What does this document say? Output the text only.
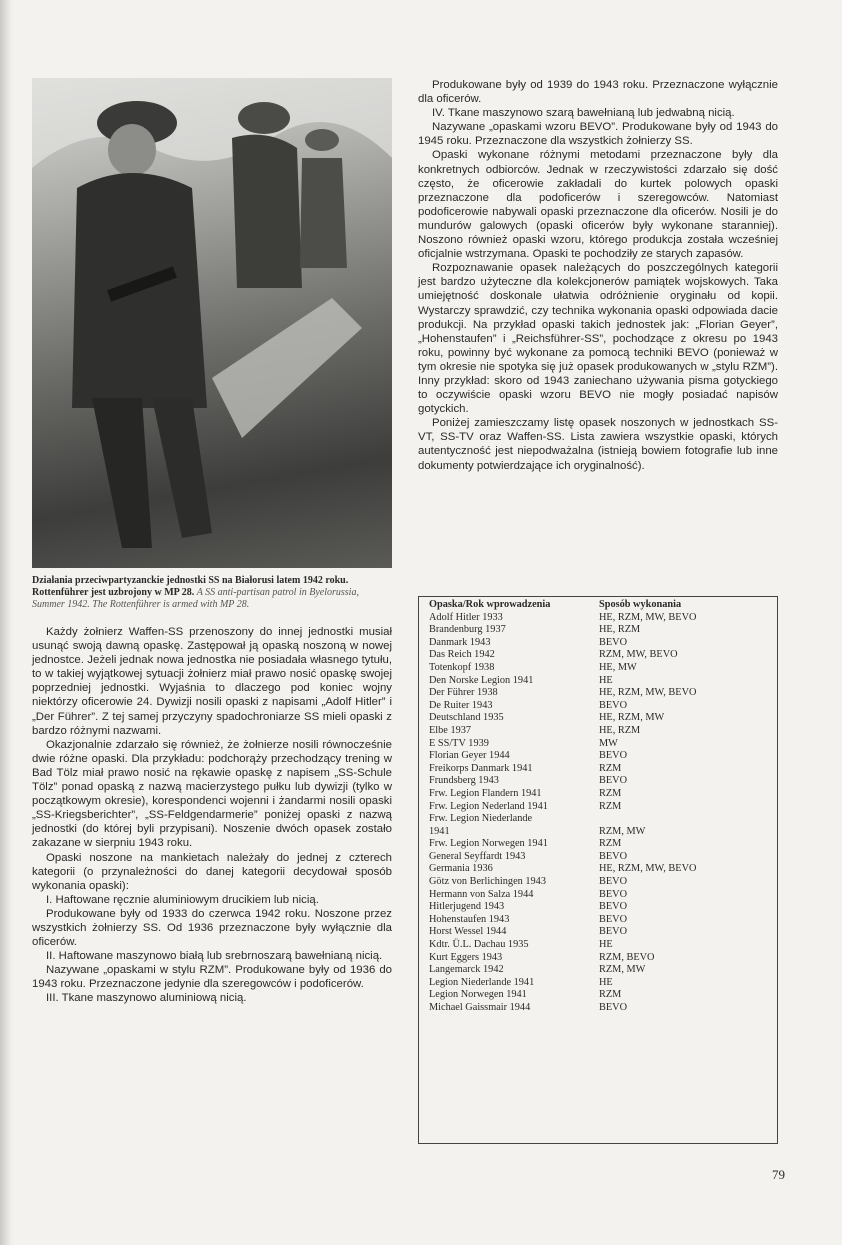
Działania przeciwpartyzanckie jednostki SS na Białorusi latem 1942 roku. Rottenführer jest uzbrojony w MP 28. A SS anti-partisan patrol in Byelorussia, Summer 1942. The Rottenführer is armed with MP 28.

Każdy żołnierz Waffen-SS przenoszony do innej jednostki musiał usunąć swoją dawną opaskę. Zastępował ją opaską noszoną w nowej jednostce. Jeżeli jednak nowa jednostka nie posiadała własnego tytułu, to w takiej wyjątkowej sytuacji żołnierz miał prawo nosić opaskę swojej poprzedniej jednostki. Wyjaśnia to dlaczego pod koniec wojny niektórzy oficerowie 24. Dywizji nosili opaski z napisami „Adolf Hitler” i „Der Führer”. Z tej samej przyczyny spadochroniarze SS mieli opaski z bardzo różnymi nazwami.

Okazjonalnie zdarzało się również, że żołnierze nosili równocześnie dwie różne opaski. Dla przykładu: podchorąży przechodzący trening w Bad Tölz miał prawo nosić na rękawie opaskę z napisem „SS-Schule Tölz” ponad opaską z nazwą macierzystego pułku lub dywizji (tylko w początkowym okresie), korespondenci wojenni i żandarmi nosili opaski „SS-Kriegsberichter”, „SS-Feldgendarmerie” poniżej opaski z nazwą jednostki (do której byli przypisani). Noszenie dwóch opasek zostało zakazane w sierpniu 1943 roku.

Opaski noszone na mankietach należały do jednej z czterech kategorii (o przynależności do danej kategorii decydował sposób wykonania opaski):

I. Haftowane ręcznie aluminiowym drucikiem lub nicią.

Produkowane były od 1933 do czerwca 1942 roku. Noszone przez wszystkich żołnierzy SS. Od 1936 przeznaczone były wyłącznie dla oficerów.

II. Haftowane maszynowo białą lub srebrnoszarą bawełnianą nicią.

Nazywane „opaskami w stylu RZM”. Produkowane były od 1936 do 1943 roku. Przeznaczone jedynie dla szeregowców i podoficerów.

III. Tkane maszynowo aluminiową nicią.

Produkowane były od 1939 do 1943 roku. Przeznaczone wyłącznie dla oficerów.

IV. Tkane maszynowo szarą bawełnianą lub jedwabną nicią.

Nazywane „opaskami wzoru BEVO”. Produkowane były od 1943 do 1945 roku. Przeznaczone dla wszystkich żołnierzy SS.

Opaski wykonane różnymi metodami przeznaczone były dla konkretnych odbiorców. Jednak w rzeczywistości zdarzało się dość często, że oficerowie zakładali do kurtek polowych opaski przeznaczone dla podoficerów i szeregowców. Natomiast podoficerowie nabywali opaski przeznaczone dla oficerów. Nosili je do mundurów galowych (opaski oficerów były wykonane staranniej). Noszono również opaski wzoru, którego produkcja została wcześniej oficjalnie wstrzymana. Opaski te pochodziły ze starych zapasów.

Rozpoznawanie opasek należących do poszczególnych kategorii jest bardzo użyteczne dla kolekcjonerów pamiątek wojskowych. Taka umiejętność doskonale ułatwia odróżnienie oryginału od kopii. Wystarczy sprawdzić, czy technika wykonania opaski odpowiada dacie produkcji. Na przykład opaski takich jednostek jak: „Florian Geyer”, „Hohenstaufen” i „Reichsführer-SS”, pochodzące z okresu po 1943 roku, powinny być wykonane za pomocą techniki BEVO (ponieważ w tym okresie nie spotyka się już opasek produkowanych w „stylu RZM”). Inny przykład: skoro od 1943 zaniechano używania pisma gotyckiego to oczywiście opaski wzoru BEVO nie mogły posiadać napisów gotyckich.

Poniżej zamieszczamy listę opasek noszonych w jednostkach SS-VT, SS-TV oraz Waffen-SS. Lista zawiera wszystkie opaski, których autentyczność jest niepodważalna (istnieją bowiem fotografie lub inne dokumenty potwierdzające ich oryginalność).

Opaska/Rok wprowadzenia	Sposób wykonania
Adolf Hitler 1933	HE, RZM, MW, BEVO
Brandenburg 1937	HE, RZM
Danmark 1943	BEVO
Das Reich 1942	RZM, MW, BEVO
Totenkopf 1938	HE, MW
Den Norske Legion 1941	HE
Der Führer 1938	HE, RZM, MW, BEVO
De Ruiter 1943	BEVO
Deutschland 1935	HE, RZM, MW
Elbe 1937	HE, RZM
E SS/TV 1939	MW
Florian Geyer 1944	BEVO
Freikorps Danmark 1941	RZM
Frundsberg 1943	BEVO
Frw. Legion Flandern 1941	RZM
Frw. Legion Nederland 1941	RZM
Frw. Legion Niederlande
1941	RZM, MW
Frw. Legion Norwegen 1941	RZM
General Seyffardt 1943	BEVO
Germania 1936	HE, RZM, MW, BEVO
Götz von Berlichingen 1943	BEVO
Hermann von Salza 1944	BEVO
Hitlerjugend 1943	BEVO
Hohenstaufen 1943	BEVO
Horst Wessel 1944	BEVO
Kdtr. Ü.L. Dachau 1935	HE
Kurt Eggers 1943	RZM, BEVO
Langemarck 1942	RZM, MW
Legion Niederlande 1941	HE
Legion Norwegen 1941	RZM
Michael Gaissmair 1944	BEVO
79
